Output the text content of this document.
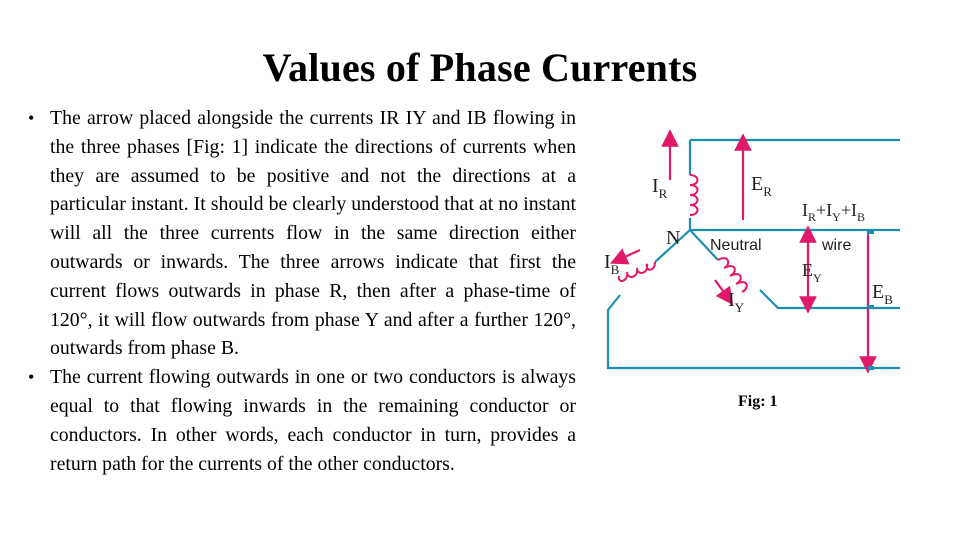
Values of Phase Currents
• The arrow placed alongside the currents IR IY and IB flowing in the three phases [Fig: 1] indicate the directions of currents when they are assumed to be positive and not the directions at a particular instant. It should be clearly understood that at no instant will all the three currents flow in the same direction either outwards or inwards. The three arrows indicate that first the current flows outwards in phase R, then after a phase-time of 120°, it will flow outwards from phase Y and after a further 120°, outwards from phase B.
• The current flowing outwards in one or two conductors is always equal to that flowing inwards in the remaining conductor or conductors. In other words, each conductor in turn, provides a return path for the currents of the other conductors.
$I_R$	$E_R$
N Neutral	wire
$I_R+I_Y+I_B$
$I_B$	$E_Y$
$E_B$
$I_Y$
Fig: 1
